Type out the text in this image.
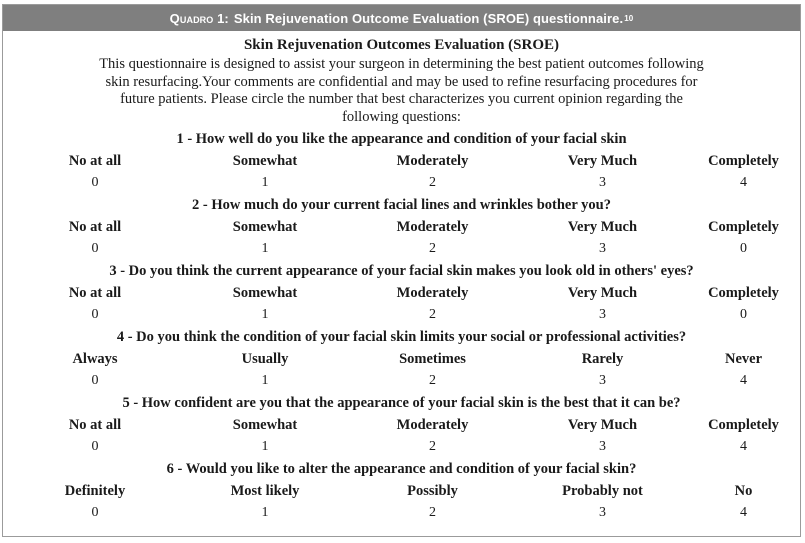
Quadro 1: Skin Rejuvenation Outcome Evaluation (SROE) questionnaire. 10
Skin Rejuvenation Outcomes Evaluation (SROE)
This questionnaire is designed to assist your surgeon in determining the best patient outcomes following skin resurfacing.Your comments are confidential and may be used to refine resurfacing procedures for future patients. Please circle the number that best characterizes you current opinion regarding the following questions:
1 - How well do you like the appearance and condition of your facial skin
No at all	Somewhat	Moderately	Very Much	Completely
0	1	2	3	4
2 - How much do your current facial lines and wrinkles bother you?
No at all	Somewhat	Moderately	Very Much	Completely
0	1	2	3	0
3 - Do you think the current appearance of your facial skin makes you look old in others' eyes?
No at all	Somewhat	Moderately	Very Much	Completely
0	1	2	3	0
4 - Do you think the condition of your facial skin limits your social or professional activities?
Always	Usually	Sometimes	Rarely	Never
0	1	2	3	4
5 - How confident are you that the appearance of your facial skin is the best that it can be?
No at all	Somewhat	Moderately	Very Much	Completely
0	1	2	3	4
6 - Would you like to alter the appearance and condition of your facial skin?
Definitely	Most likely	Possibly	Probably not	No
0	1	2	3	4
